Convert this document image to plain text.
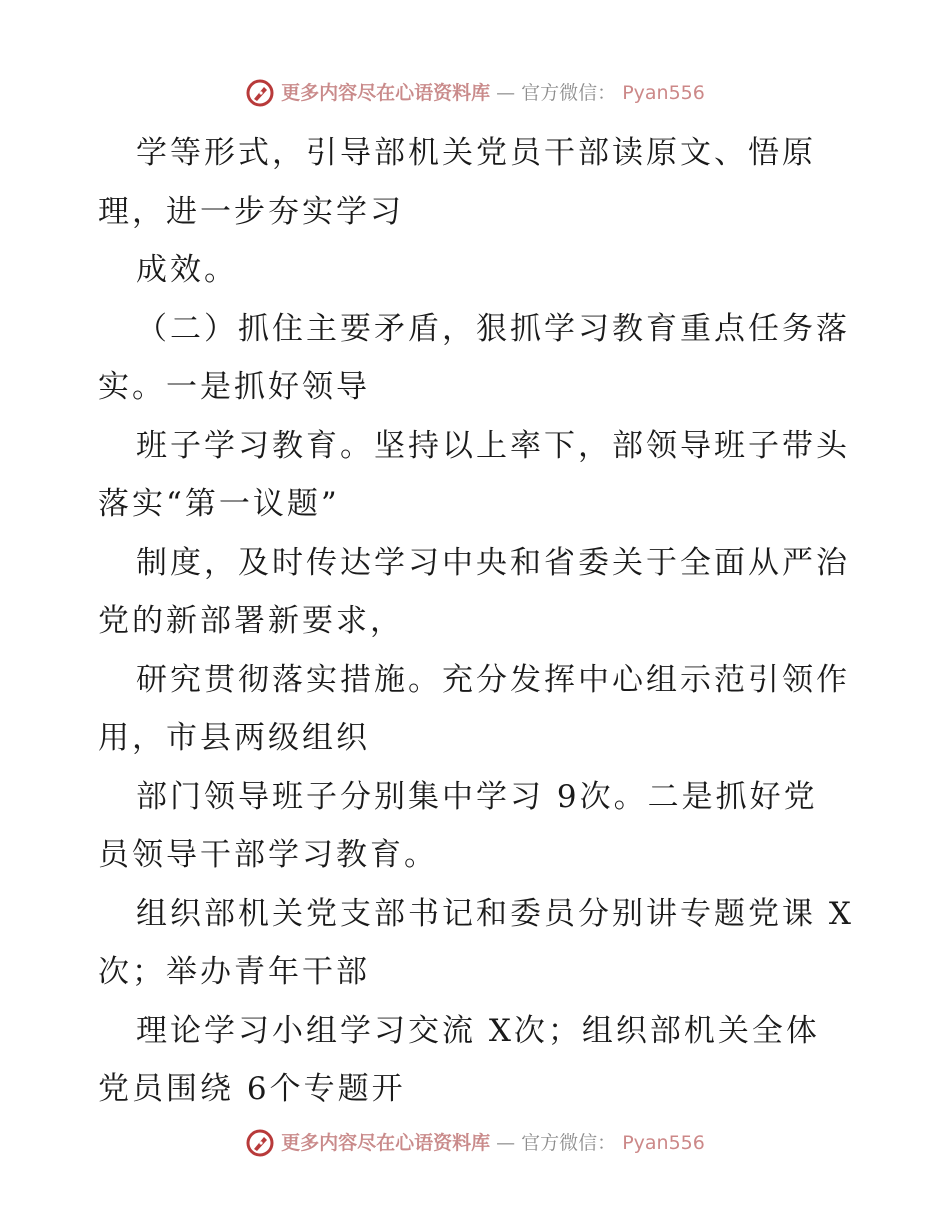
更多内容尽在心语资料库 — 官方微信： Pyan556
学等形式，引导部机关党员干部读原文、悟原
理，进一步夯实学习
成效。
（二）抓住主要矛盾，狠抓学习教育重点任务落
实。一是抓好领导
班子学习教育。坚持以上率下，部领导班子带头
落实“第一议题”
制度，及时传达学习中央和省委关于全面从严治
党的新部署新要求，
研究贯彻落实措施。充分发挥中心组示范引领作
用，市县两级组织
部门领导班子分别集中学习 9次。二是抓好党
员领导干部学习教育。
组织部机关党支部书记和委员分别讲专题党课 X
次；举办青年干部
理论学习小组学习交流 X次；组织部机关全体
党员围绕 6个专题开
更多内容尽在心语资料库 — 官方微信： Pyan556
